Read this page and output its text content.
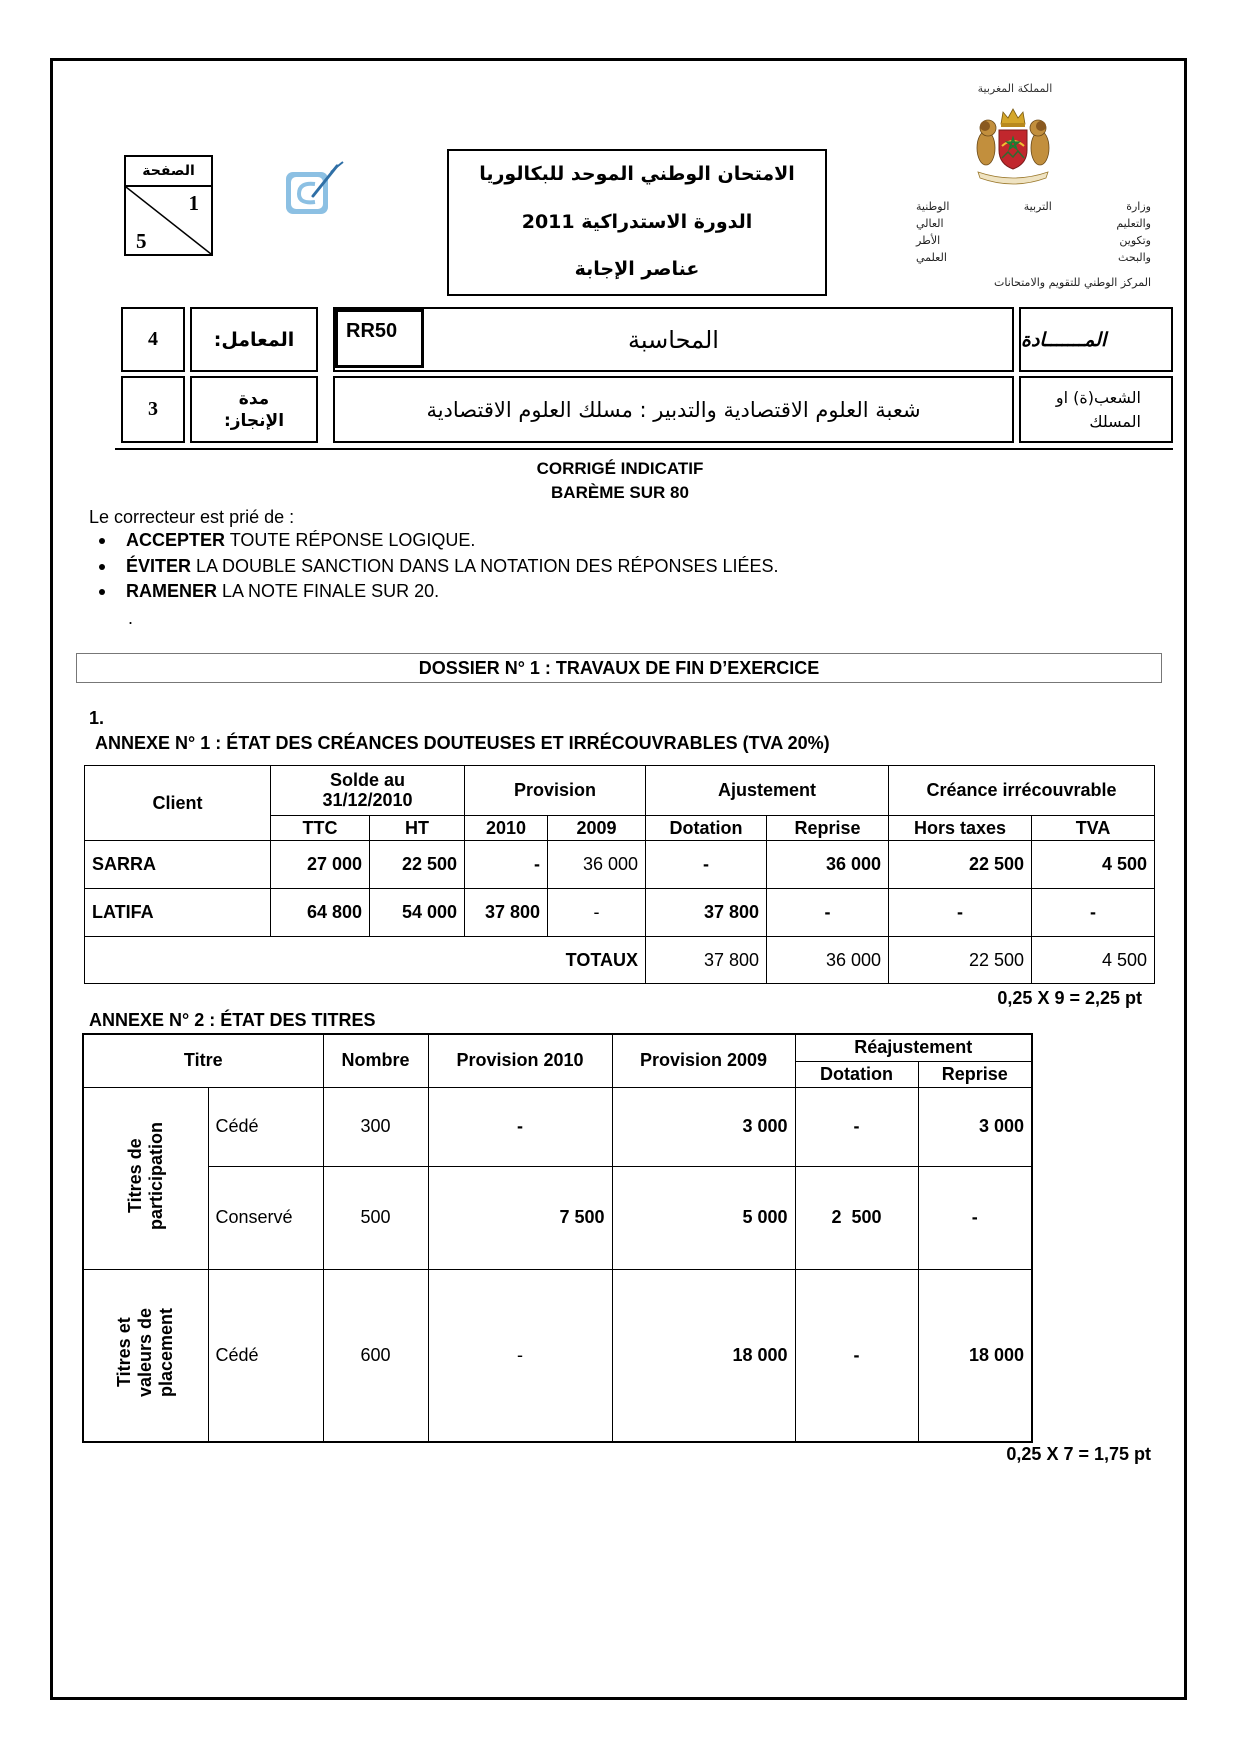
المملكة المغربية
وزارة التربية الوطنية
والتعليم العالي
وتكوين الأطر
والبحث العلمي
المركز الوطني للتقويم والامتحانات
الصفحة
1
5
الامتحان الوطني الموحد للبكالوريا
الدورة الاستدراكية 2011
عناصر الإجابة
4	المعامل:	RR50	المحاسبة	المـــــــادة
3	مدة الإنجاز:	شعبة العلوم الاقتصادية والتدبير : مسلك العلوم الاقتصادية
الشعب(ة) او المسلك
CORRIGÉ INDICATIF
BARÈME SUR 80
Le correcteur est prié de :
ACCEPTER TOUTE RÉPONSE LOGIQUE.
ÉVITER LA DOUBLE SANCTION DANS LA NOTATION DES RÉPONSES LIÉES.
RAMENER LA NOTE FINALE SUR 20.
.
DOSSIER N° 1 : TRAVAUX DE FIN D’EXERCICE
1.
ANNEXE N° 1 : ÉTAT DES CRÉANCES DOUTEUSES ET IRRÉCOUVRABLES (TVA 20%)
Client	Solde au 31/12/2010		Provision		Ajustement		Créance irrécouvrable	
	TTC	HT	2010	2009	Dotation	Reprise	Hors taxes	TVA
SARRA	27 000	22 500	-	36 000	-	36 000	22 500	4 500
LATIFA	64 800	54 000	37 800	-	37 800	-	-	-
TOTAUX					37 800	36 000	22 500	4 500
0,25 X 9 = 2,25 pt
ANNEXE N° 2 : ÉTAT DES TITRES
Titre		Nombre	Provision 2010	Provision 2009	Réajustement	
					Dotation	Reprise
Titres de participation	Cédé	300	-	3 000	-	3 000
	Conservé	500	7 500	5 000	2  500	-
Titres et valeurs de placement	Cédé	600	-	18 000	-	18 000
0,25 X 7 = 1,75 pt
